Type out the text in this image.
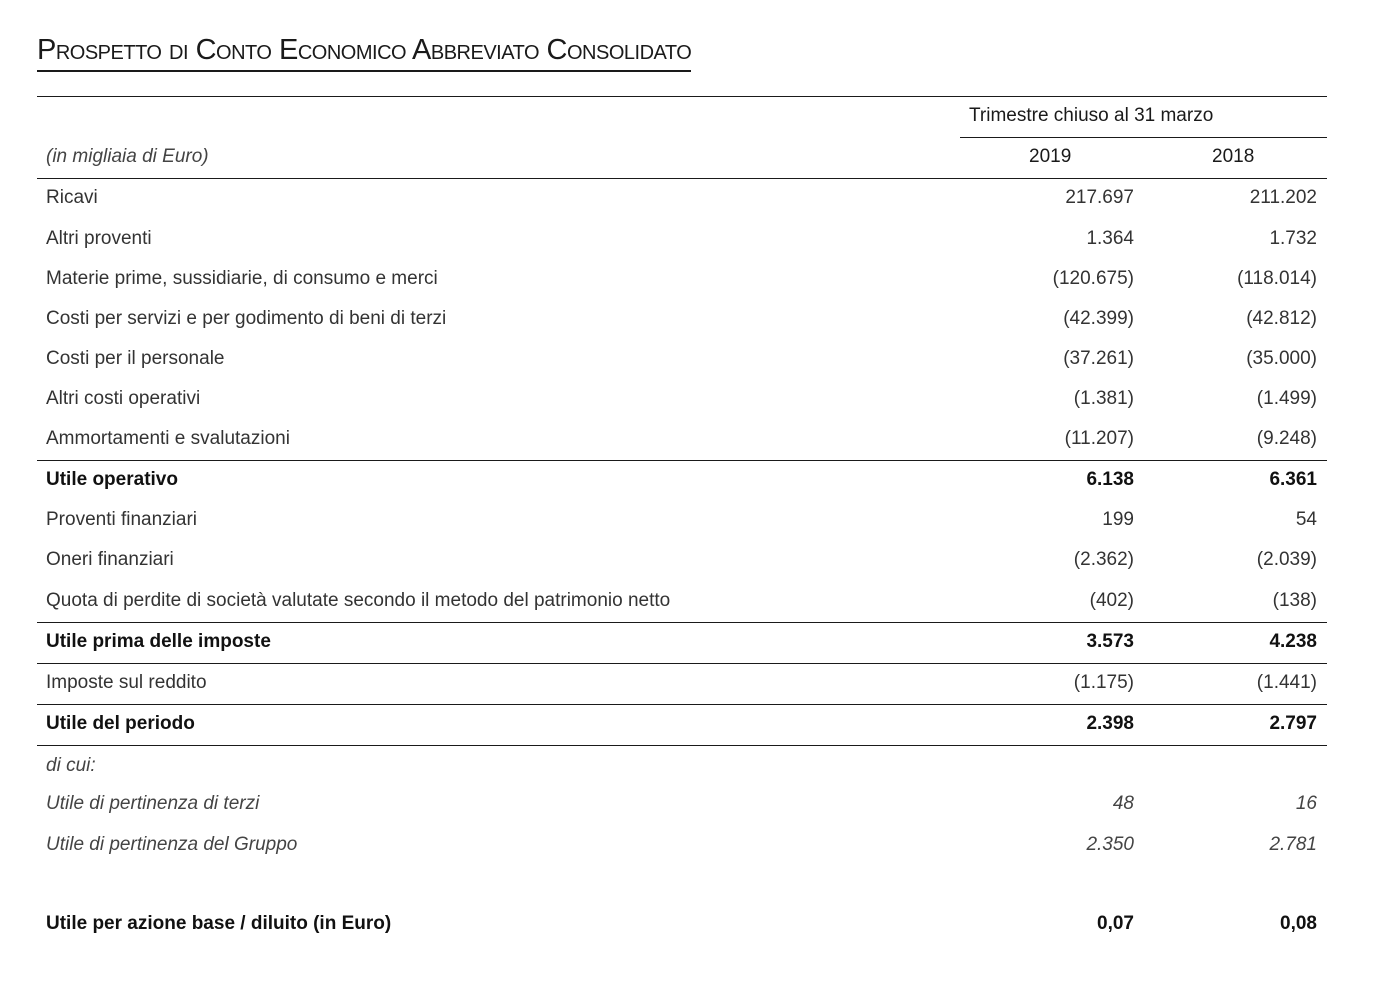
Prospetto di Conto Economico Abbreviato Consolidato
Trimestre chiuso al 31 marzo
(in migliaia di Euro)	2019	2018
Ricavi	217.697	211.202
Altri proventi	1.364	1.732
Materie prime, sussidiarie, di consumo e merci	(120.675)	(118.014)
Costi per servizi e per godimento di beni di terzi	(42.399)	(42.812)
Costi per il personale	(37.261)	(35.000)
Altri costi operativi	(1.381)	(1.499)
Ammortamenti e svalutazioni	(11.207)	(9.248)
Utile operativo	6.138	6.361
Proventi finanziari	199	54
Oneri finanziari	(2.362)	(2.039)
Quota di perdite di società valutate secondo il metodo del patrimonio netto	(402)	(138)
Utile prima delle imposte	3.573	4.238
Imposte sul reddito	(1.175)	(1.441)
Utile del periodo	2.398	2.797
di cui:
Utile di pertinenza di terzi	48	16
Utile di pertinenza del Gruppo	2.350	2.781
Utile per azione base / diluito (in Euro)	0,07	0,08
